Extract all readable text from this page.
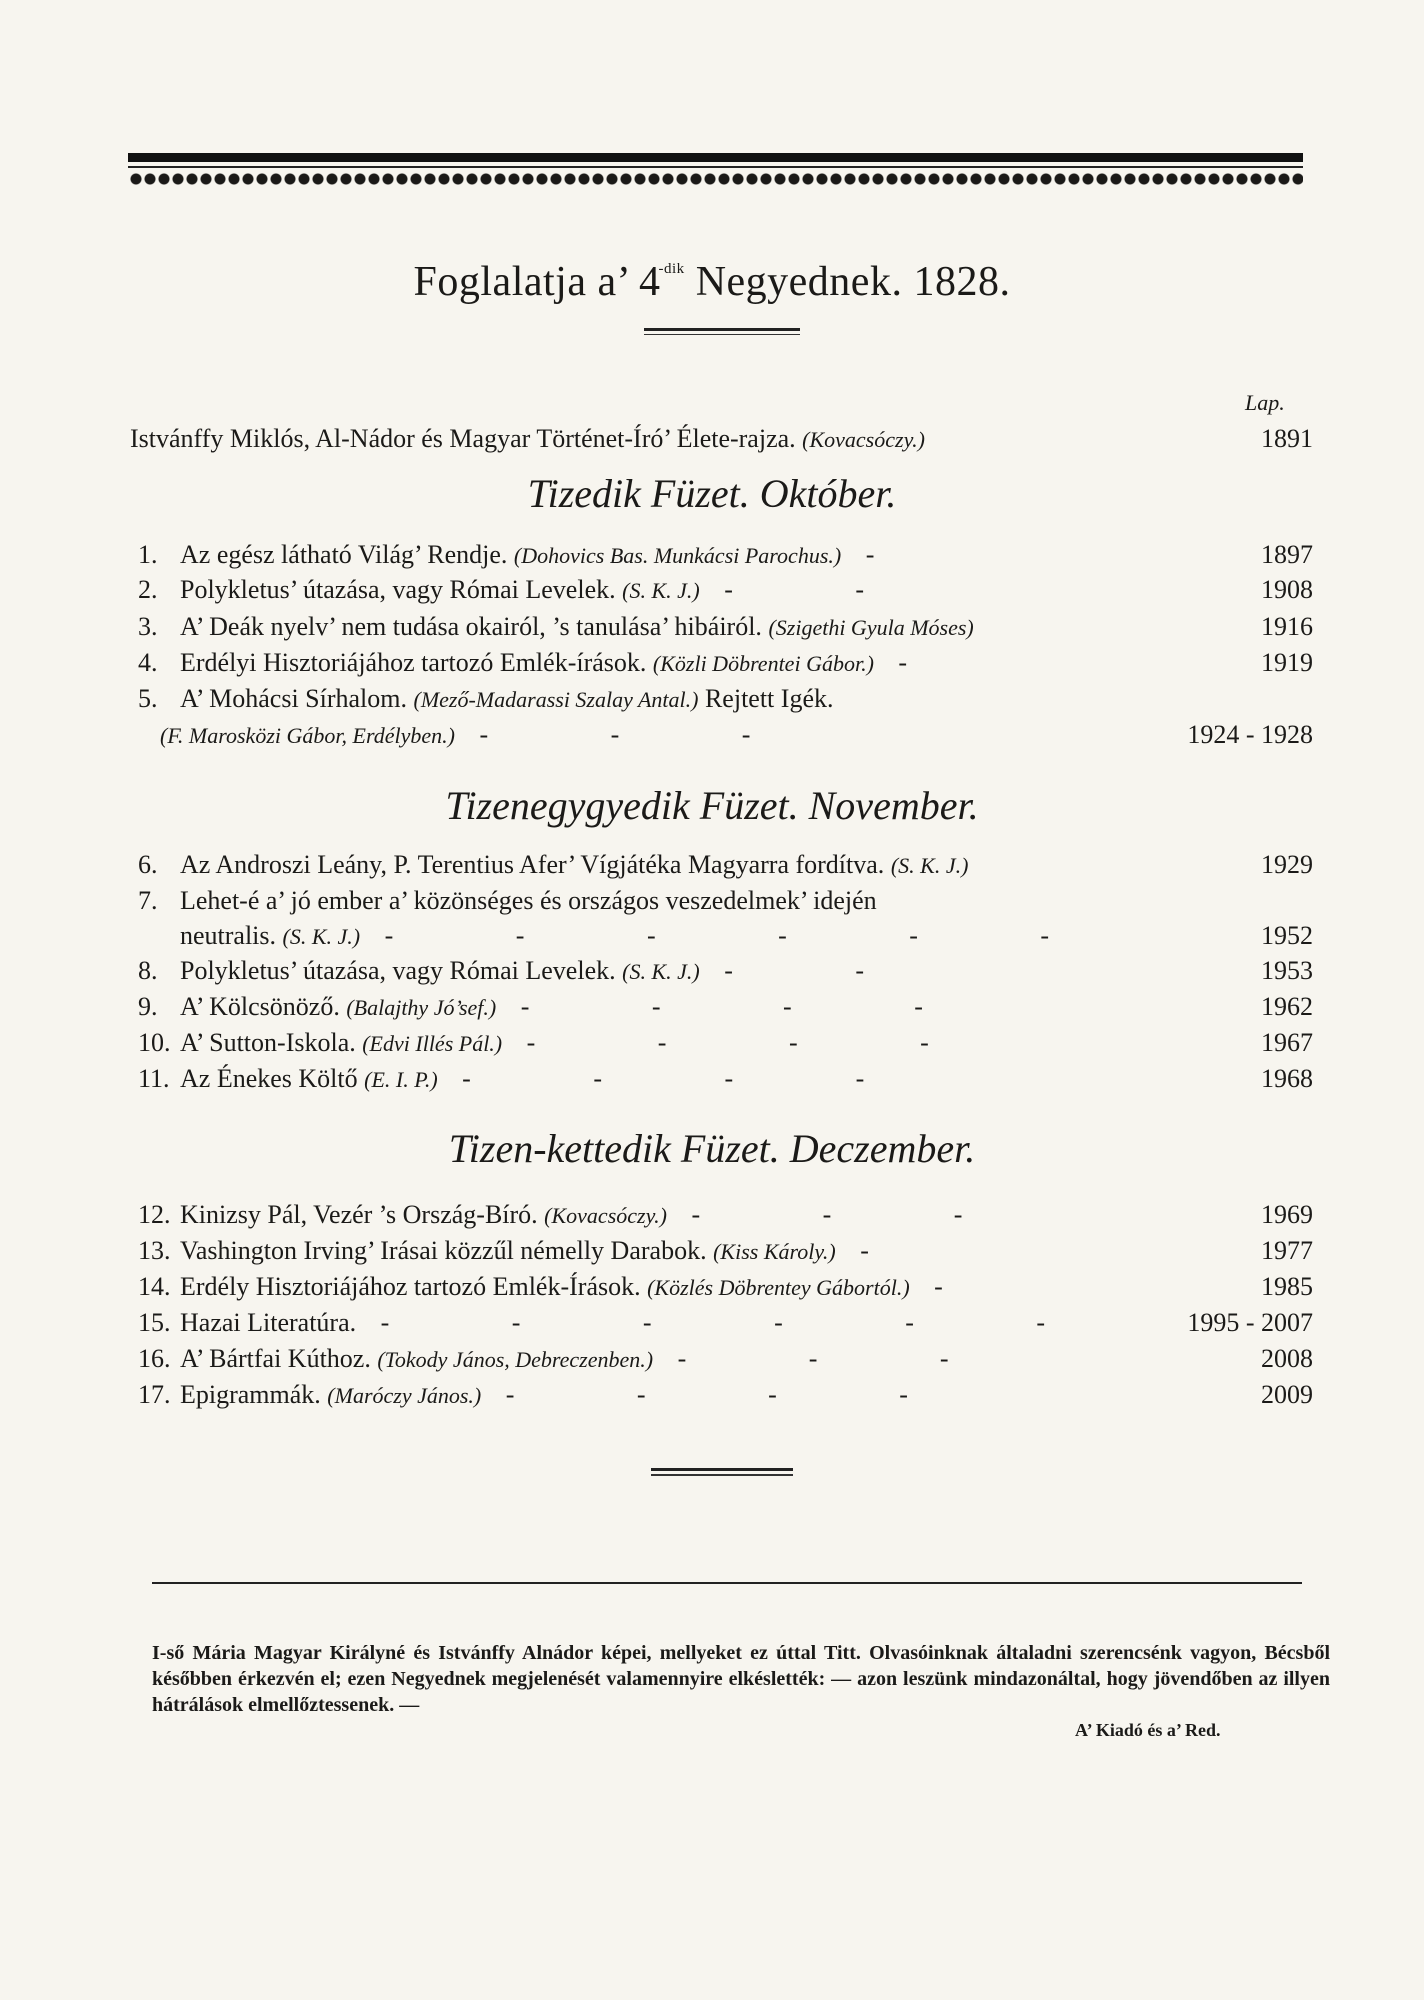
Foglalatja a’ $4^{-dik}$ Negyednek. 1828.
Lap.
Istvánffy Miklós, Al-Nádor és Magyar Történet-Író’ Élete-rajza. (Kovacsóczy.)	1891
Tizedik Füzet. Október.
1. Az egész látható Világ’ Rendje. (Dohovics Bas. Munkácsi Parochus.) -	1897
2. Polykletus’ útazása, vagy Római Levelek. (S. K. J.) - -	1908
3. A’ Deák nyelv’ nem tudása okairól, ’s tanulása’ hibáiról. (Szigethi Gyula Móses)	1916
4. Erdélyi Hisztoriájához tartozó Emlék-írások. (Közli Döbrentei Gábor.) -	1919
5. A’ Mohácsi Sírhalom. (Mező-Madarassi Szalay Antal.) Rejtett Igék.
(F. Marosközi Gábor, Erdélyben.) - - -	1924 - 1928
Tizenegygyedik Füzet. November.
6. Az Androszi Leány, P. Terentius Afer’ Vígjátéka Magyarra fordítva. (S. K. J.)	1929
7. Lehet-é a’ jó ember a’ közönséges és országos veszedelmek’ idején
neutralis. (S. K. J.) - - - - - -	1952
8. Polykletus’ útazása, vagy Római Levelek. (S. K. J.) - -	1953
9. A’ Kölcsönöző. (Balajthy Jó’sef.) - - - -	1962
10. A’ Sutton-Iskola. (Edvi Illés Pál.) - - - -	1967
11. Az Énekes Költő (E. I. P.) - - - -	1968
Tizen-kettedik Füzet. Deczember.
12. Kinizsy Pál, Vezér ’s Ország-Bíró. (Kovacsóczy.) - - -	1969
13. Vashington Irving’ Irásai közzűl némelly Darabok. (Kiss Károly.) -	1977
14. Erdély Hisztoriájához tartozó Emlék-Írások. (Közlés Döbrentey Gábortól.) -	1985
15. Hazai Literatúra. - - - - - -	1995 - 2007
16. A’ Bártfai Kúthoz. (Tokody János, Debreczenben.) - - -	2008
17. Epigrammák. (Maróczy János.) - - - -	2009
I-ső Mária Magyar Királyné és Istvánffy Alnádor képei, mellyeket ez úttal Titt. Olvasóinknak általadni szerencsénk vagyon, Bécsből későbben érkezvén el; ezen Negyednek megjelenését valamennyire elkéslették: — azon leszünk mindazonáltal, hogy jövendőben az illyen hátrálások elmellőztessenek. —
A’ Kiadó és a’ Red.
